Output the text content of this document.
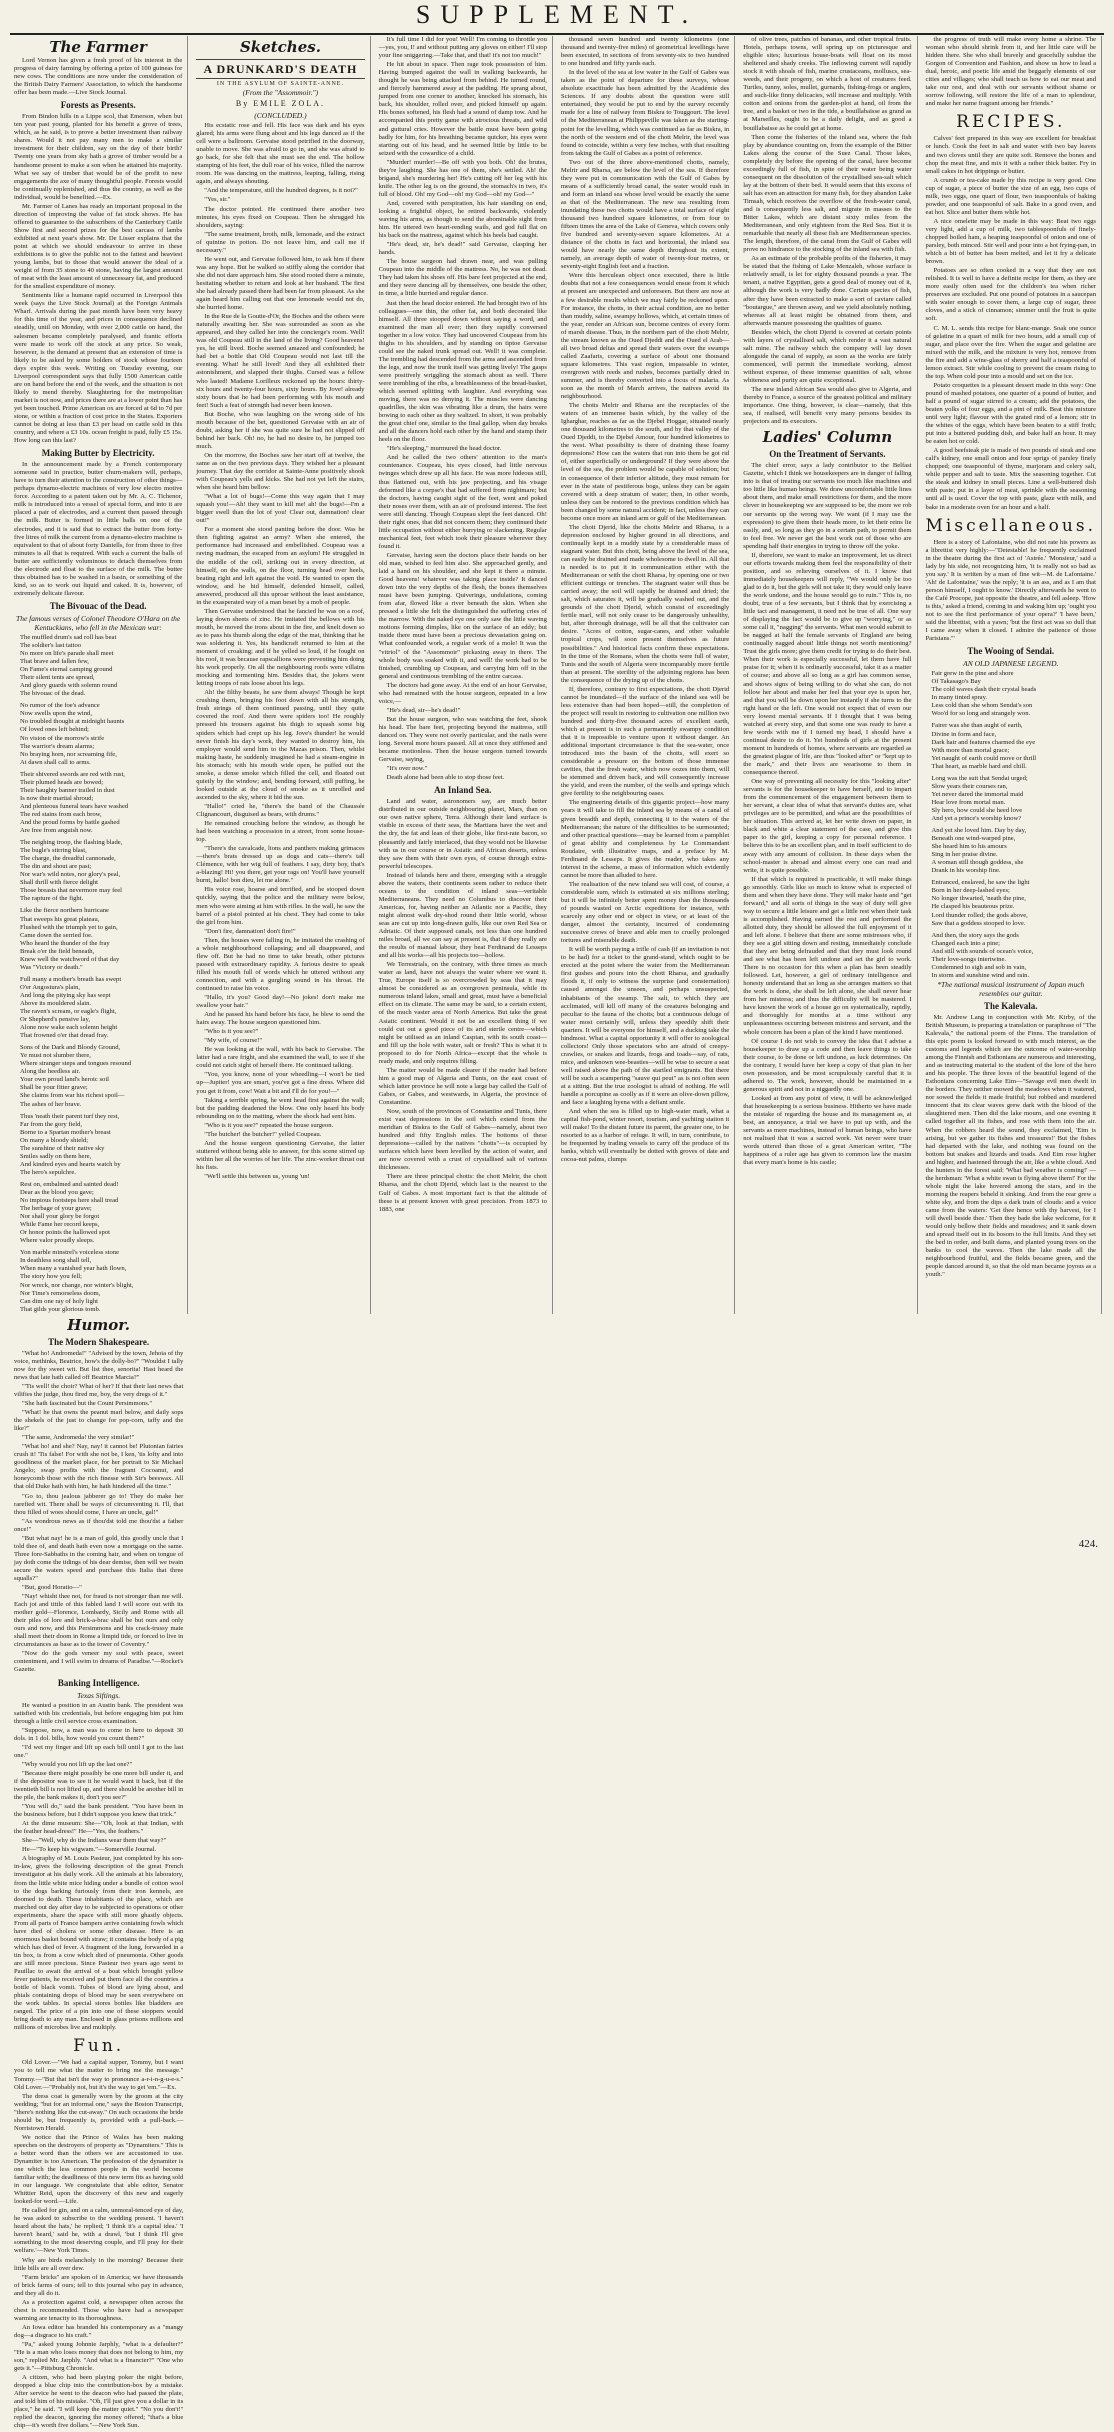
SUPPLEMENT.
The Farmer
Lord Vernon has given a fresh proof of his interest in the progress of dairy farming by offering a prize of 100 guineas for new cows. The conditions are now under the consideration of the British Dairy Farmers' Association, to which the handsome offer has been made.—Live Stock Journal.
Forests as Presents.
From Bindon hills in a Lippe scol, that Emerson, when but ten year past young, planted for his benefit a grove of trees, which, as he said, is to prove a better investment than railway shares. Would it not pay many men to make a similar investment for their children, say on the day of their birth? Twenty one years from sky hath a grove of timber would be a handsome present to make a son when he attained his majority. What we say of timber that would be of the profit to new engagements the axe of many thoughtful people. Forests would be continually replenished, and thus the country, as well as the individual, would be benefited.—Ex.
Mr. Farmer of Lanes has ready an important proposal in the direction of improving the value of fat stock shows. He has offered to guarantee to the subscribers of the Canterbury Cattle Show first and second prizes for the best carcass of lambs exhibited at next year's show. Mr. De Lisser explains that the point at which we should endeavour to arrive in these exhibitions is to give the public not to the fattest and heaviest young lambs, but to those that would answer the ideal of a weight of from 35 stone to 40 stone, having the largest amount of meat with the least amount of unnecessary fat, and produced for the smallest expenditure of money.
Sentiments like a humane rapid occurred in Liverpool this week (says the Live Stock Journal) at the Foreign Animals Wharf. Arrivals during the past month have been very heavy for this time of the year, and prices in consequence declined steadily, until on Monday, with over 2,000 cattle on hand, the salesmen became completely paralysed, and frantic efforts were made to work off the stock at any price. So weak, however, is the demand at present that an extension of time is likely to be asked by some holders of stock whose fourteen days expire this week. Writing on Tuesday evening, our Liverpool correspondent says that fully 1500 American cattle are on hand before the end of the week, and the situation is not likely to mend thereby. Slaughtering for the metropolitan market is not now, and prices there are at a lower point than has yet been touched. Prime American ox are forced at 6d to 7d per stone, or within a fraction of cost price in the States. Exporters cannot be doing at less than £3 per head on cattle sold in this country, and where a £3 10s. ocean freight is paid, fully £5 15s. How long can this last?
Making Butter by Electricity.
In the announcement made by a French contemporary someone said in practice, butter churn-makers will, perhaps, have to turn their attention to the construction of other things—perhaps dynamo-electric machines of very low electro motive force. According to a patent taken out by Mr. A. C. Tichenor, milk is introduced into a vessel of special form, and into it are placed a pair of electrodes, and a current then passed through the milk. Butter is formed in little balls on one of the electrodes, and it is said that to extract the butter from forty-five litres of milk the current from a dynamo-electro machine is equivalent to that of about forty Daniells, for from three to five minutes is all that is required. With such a current the balls of butter are sufficiently voluminous to detach themselves from the electrode and float to the surface of the milk. The butter thus obtained has to be washed in a basin, or something of the kind, so as to work out liquid and caked. It is, however, of extremely delicate flavour.
The Bivouac of the Dead.
The famous verses of Colonel Theodore O'Hara on the Kentuckians, who fell in the Mexican war:
The muffled drum's sad roll has beat
The soldier's last tattoo
No more on life's parade shall meet
That brave and fallen few,
On Fame's eternal camping ground
Their silent tents are spread,
And glory guards with solemn round
The bivouac of the dead.
No rumor of the foe's advance
Now swells upon the wind,
No troubled thought at midnight haunts
Of loved ones left behind;
No vision of the morrow's strife
The warrior's dream alarms;
No braying horn, nor screaming fife,
At dawn shall call to arms.
Their shivered swords are red with rust,
Their plumed heads are bowed;
Their haughty banner trailed in dust
Is now their martial shroud;
And plenteous funeral tears have washed
The red stains from each brow,
And the proud forms by battle gashed
Are free from anguish now.
The neighing troop, the flashing blade,
The bugle's stirring blast,
The charge, the dreadful cannonade,
The din and shout are past;
Nor war's wild notes, nor glory's peal,
Shall thrill with fierce delight
Those breasts that nevermore may feel
The rapture of the fight.
Like the fierce northern hurricane
That sweeps his great plateau,
Flushed with the triumph yet to gain,
Came down the serried foe.
Who heard the thunder of the fray
Break o'er the field beneath,
Knew well the watchword of that day
Was "Victory or death."
Full many a mother's breath has swept
O'er Angostura's plain,
And long the pitying sky has wept
Above its mouldered slain.
The raven's scream, or eagle's flight,
Or Shepherd's pensive lay,
Alone now wake each solemn height
That frowned o'er that dread fray.
Sons of the Dark and Bloody Ground,
Ye must not slumber there,
Where stranger steps and tongues resound
Along the heedless air.
Your own proud land's heroic soil
Shall be your fitter grave;
She claims from war his richest spoil—
The ashes of her brave.
Thus 'neath their parent turf they rest,
Far from the gory field,
Borne to a Spartan mother's breast
On many a bloody shield;
The sunshine of their native sky
Smiles sadly on them here,
And kindred eyes and hearts watch by
The hero's sepulchre.
Rest on, embalmed and sainted dead!
Dear as the blood you gave;
No impious footsteps here shall tread
The herbage of your grave;
Nor shall your glory be forgot
While Fame her record keeps,
Or honor points the hallowed spot
Where valor proudly sleeps.
Yon marble minstrel's voiceless stone
In deathless song shall tell,
When many a vanished year hath flown,
The story how you fell;
Nor wreck, nor change, nor winter's blight,
Nor Time's remorseless doom,
Can dim one ray of holy light
That gilds your glorious tomb.
Sketches.
A DRUNKARD'S DEATH
IN THE ASYLUM OF SAINTE-ANNE.
(From the "Assommoir.")
By EMILE ZOLA.
(CONCLUDED.)
His ecstatic rose and fell. His face was dark and his eyes glared; his arms were flung about and his legs danced as if the cell were a ballroom. Gervaise stood petrified in the doorway, unable to move. She was afraid to go in, and she was afraid to go back, for she felt that she must see the end. The hollow stamping of his feet, the dull roar of his voice, filled the narrow room. He was dancing on the mattress, leaping, falling, rising again, and always shouting.
"And the temperature, still the hundred degrees, is it not?"
"Yes, sir."
The doctor pointed. He continued there another two minutes, his eyes fixed on Coupeau. Then he shrugged his shoulders, saying:
"The same treatment, broth, milk, lemonade, and the extract of quinine in potion. Do not leave him, and call me if necessary."
He went out, and Gervaise followed him, to ask him if there was any hope. But he walked so stiffly along the corridor that she did not dare approach him. She stood rooted there a minute, hesitating whether to return and look at her husband. The first she had already passed there had been far from pleasant. As she again heard him calling out that one lemonade would not do, she hurried home.
In the Rue de la Goutte-d'Or, the Boches and the others were naturally awaiting her. She was surrounded as soon as she appeared, and they called her into the concierge's room. Well! was old Coupeau still in the land of the living? Good heavens! yes, he still lived. Boche seemed amazed and confounded; he had bet a bottle that Old Coupeau would not last till the evening. What! he still lived! And they all exhibited their astonishment, and slapped their thighs. Cursed was a fellow who lasted! Madame Lorilleux reckoned up the hours: thirty-six hours and twenty-four hours, sixty hours. By Jove! already sixty hours that he had been performing with his mouth and feet! Such a feat of strength had never been known.
But Boche, who was laughing on the wrong side of his mouth because of the bet, questioned Gervaise with an air of doubt, asking her if she was quite sure he had not slipped off behind her back. Oh! no, he had no desire to, he jumped too much.
On the morrow, the Boches saw her start off at twelve, the same as on the two previous days. They wished her a pleasant journey. That day the corridor at Sainte-Anne positively shook with Coupeau's yells and kicks. She had not yet left the stairs, when she heard him bellow:
"What a lot of bugs!—Come this way again that I may squash you!—Ah! they want to kill me! ah! the bugs!—I'm a bigger swell than the lot of you! Clear out, damnation! clear out!"
For a moment she stood panting before the door. Was he then fighting against an army? When she entered, the performance had increased and embellished. Coupeau was a raving madman, the escaped from an asylum! He struggled in the middle of the cell, striking out in every direction, at himself, on the walls, on the floor, turning head over heels, beating right and left against the void. He wanted to open the window, and he hid himself, defended himself, called, answered, produced all this uproar without the least assistance, in the exasperated way of a man beset by a mob of people.
Then Gervaise understood that he fancied he was on a roof, laying down sheets of zinc. He imitated the bellows with his mouth, he moved the irons about in the fire, and knelt down so as to pass his thumb along the edge of the mat, thinking that he was soldering it. Yes, his handicraft returned to him at the moment of croaking; and if he yelled so loud, if he fought on his roof, it was because rapscallions were preventing him doing his work properly. On all the neighbouring roofs were villains mocking and tormenting him. Besides that, the jokers were letting troops of rats loose about his legs.
Ah! the filthy beasts, he saw them always! Though he kept crushing them, bringing his foot down with all his strength, fresh strings of them continued passing, until they quite covered the roof. And there were spiders too! He roughly pressed his trousers against his thigh to squash some big spiders which had crept up his leg. Jove's thunder! he would never finish his day's work, they wanted to destroy him, his employer would send him to the Mazas prison. Then, whilst making haste, he suddenly imagined he had a steam-engine in his stomach; with his mouth wide open, he puffed out the smoke, a dense smoke which filled the cell, and floated out quietly by the window; and, bending forward, still puffing, he looked outside at the cloud of smoke as it unrolled and ascended to the sky, where it hid the sun.
"Hallo!" cried he, "there's the band of the Chaussée Clignancourt, disguised as bears, with drums."
He remained crouching before the window, as though he had been watching a procession in a street, from some house-top.
"There's the cavalcade, lions and panthers making grimaces—there's brats dressed up as dogs and cats—there's tall Clémence, with her wig full of feathers. I say, dirty boy, that's a-blazing! Hi! you there, get your rags on! You'll have yourself burnt, hallo! bon dieu, let me alone."
His voice rose, hoarse and terrified, and he stooped down quickly, saying that the police and the military were below, men who were aiming at him with rifles. In the wall, he saw the barrel of a pistol pointed at his chest. They had come to take the girl from him.
"Don't fire, damnation! don't fire!"
Then, the houses were falling in, he imitated the crashing of a whole neighbourhood collapsing; and all disappeared, and flew off. But he had no time to take breath, other pictures passed with extraordinary rapidity. A furious desire to speak filled his mouth full of words which he uttered without any connection, and with a gurgling sound in his throat. He continued to raise his voice.
"Hallo, it's you? Good day!—No jokes! don't make me swallow your hair."
And he passed his hand before his face, he blew to send the hairs away. The house surgeon questioned him.
"Who is it you see?"
"My wife, of course!"
He was looking at the wall, with his back to Gervaise. The latter had a rare fright, and she examined the wall, to see if she could not catch sight of herself there. He continued talking.
"You, you know, none of your wheedling—I won't be tied up—Jupiter! you are smart, you've got a fine dress. Where did you get it from, cow! Wait a bit and I'll do for you!—"
Taking a terrible spring, he went head first against the wall; but the padding deadened the blow. One only heard his body rebounding on to the matting, where the shock had sent him.
"Who is it you see?" repeated the house surgeon.
"The butcher! the butcher!" yelled Coupeau.
And the house surgeon questioning Gervaise, the latter stuttered without being able to answer, for this scene stirred up within her all the worries of her life. The zinc-worker thrust out his fists.
"We'll settle this between us, young 'un!
It's full time I did for you! Well! I'm coming to throttle you—yes, you, I! and without putting any gloves on either! I'll stop your fine sniggering.—Take that, and that! it's not too much!"
He hit about in space. Then rage took possession of him. Having bumped against the wall in walking backwards, he thought he was being attacked from behind. He turned round, and fiercely hammered away at the padding. He sprang about, jumped from one corner to another, knocked his stomach, his back, his shoulder, rolled over, and picked himself up again. His bones softened, his flesh had a sound of damp tow. And he accompanied this pretty game with atrocious threats, and wild and guttural cries. However the battle must have been going badly for him, for his breathing became quicker, his eyes were starting out of his head, and he seemed little by little to be seized with the cowardice of a child.
"Murder! murder!—Be off with you both. Oh! the brutes, they're laughing. She has one of them, she's settled. Ah! the brigand, she's murdering her! He's cutting off her leg with his knife. The other leg is on the ground, the stomach's in two, it's full of blood. Oh! my God—oh! my God—oh! my God—"
And, covered with perspiration, his hair standing on end, looking a frightful object, he retired backwards, violently waving his arms, as though to send the abominable sight from him. He uttered two heart-rending wails, and god full flat on his back on the mattress, against which his heels had caught.
"He's dead, sir, he's dead!" said Gervaise, clasping her hands.
The house surgeon had drawn near, and was pulling Coupeau into the middle of the mattress. No, he was not dead. They had taken his shoes off. His bare feet projected at the end, and they were dancing all by themselves, one beside the other, in time, a little hurried and regular dance.
Just then the head doctor entered. He had brought two of his colleagues—one thin, the other fat, and both decorated like himself. All three stooped down without saying a word, and examined the man all over; then they rapidly conversed together in a low voice. They had uncovered Coupeau from his thighs to his shoulders, and by standing on tiptoe Gervaise could see the naked trunk spread out. Well! it was complete. The trembling had descended from the arms and ascended from the legs, and now the trunk itself was getting lively! The gasps were positively wriggling the stomach about as well. There were trembling of the ribs, a breathlessness of the bread-basket, which seemed splitting with laughter. And everything was moving, there was no denying it. The muscles were dancing quadrilles, the skin was vibrating like a drum, the hairs were bowing to each other as they waltzed. In short, it was probably the great chief one, similar to the final gallop, when day breaks and all the dancers hold each other by the hand and stamp their heels on the floor.
"He's sleeping," murmured the head doctor.
And he called the two others' attention to the man's countenance. Coupeau, his eyes closed, had little nervous twinges which drew up all his face. He was more hideous still, thus flattened out, with his jaw projecting, and his visage deformed like a corpse's that had suffered from nightmare; but the doctors, having caught sight of the feet, went and poked their noses over them, with an air of profound interest. The feet were still dancing. Though Coupeau slept the feet danced. Oh! their right ones, that did not concern them; they continued their little occupation without either hurrying or slackening. Regular mechanical feet, feet which took their pleasure wherever they found it.
Gervaise, having seen the doctors place their hands on her old man, wished to feel him also. She approached gently, and laid a hand on his shoulder, and she kept it there a minute. Good heavens! whatever was taking place inside? It danced down into the very depths of the flesh, the bones themselves must have been jumping. Quiverings, undulations, coming from afar, flowed like a river beneath the skin. When she pressed a little she felt the distinguished the suffering cries of the marrow. With the naked eye one only saw the little waving motions forming dimples, like on the surface of an eddy; but inside there must have been a precious devastation going on. What confounded work, a regular work of a mole! It was the "vitriol" of the "Assommoir" pickaxing away in there. The whole body was soaked with it, and well! the work had to be finished, crumbling up Coupeau, and carrying him off in the general and continuous trembling of the entire carcass.
The doctors had gone away. At the end of an hour Gervaise, who had remained with the house surgeon, repeated in a low voice,—
"He's dead, sir—he's dead!"
But the house surgeon, who was watching the feet, shook his head. The bare feet, projecting beyond the mattress, still danced on. They were not overly particular, and the nails were long. Several more hours passed. All at once they stiffened and became motionless. Then the house surgeon turned towards Gervaise, saying,
"It's over now."
Death alone had been able to stop those feet.
An Inland Sea.
Land and water, astronomers say, are much better distributed in our outside neighbouring planet, Mars, than on our own native sphere, Terra. Although their land surface is visible in excess of their seas, the Martians have the wet and the dry, the fat and lean of their globe, like first-rate bacon, so pleasantly and fairly interlaced, that they would not be likewise with us in our course or in Asiatic and African deserts, unless they saw them with their own eyes, of course through extra-powerful telescopes.
Instead of islands here and there, emerging with a struggle above the waters, their continents seem rather to reduce their oceans to the condition of inland seas—veritable Mediterraneans. They need no Columbus to discover their Americas, for, having neither an Atlantic nor a Pacific, they might almost walk dry-shod round their little world, whose seas are cut up into long-drawn gulfs, like our own Red Sea or Adriatic. Of their supposed canals, not less than one hundred miles broad, all we can say at present is, that if they really are the results of manual labour, they beat Ferdinand de Lesseps and all his works—all his projects too—hollow.
We Terrestrials, on the contrary, with three times as much water as land, have not always the water where we want it. True, Europe itself is so overcrowded by seas that it may almost be considered as an overgrown peninsula, while its numerous inland lakes, small and great, must have a beneficial effect on its climate. The same may be said, to a certain extent, of the much vaster area of North America. But take the great Asiatic continent. Would it not be an excellent thing if we could cut out a good piece of its arid sterile centre—which might be utilised as an inland Caspian, with its south coast—and fill up the hole with water, salt or fresh? This is what it is proposed to do for North Africa—except that the whole is ready made, and only requires filling.
The matter would be made clearer if the reader had before him a good map of Algeria and Tunis, on the east coast of which latter province he will note a large bay called the Gulf of Gabes, or Gabes, and westwards, in Algeria, the province of Constantine.
Now, south of the provinces of Constantine and Tunis, there exist vast depressions in the soil which extend from the meridian of Biskra to the Gulf of Gabes—namely, about two hundred and fifty English miles. The bottoms of these depressions—called by the natives "chotts"—is occupied by surfaces which have been levelled by the action of water, and are now covered with a crust of crystallised salt of various thicknesses.
There are three principal chotts: the chott Melrir, the chott Rharsa, and the chott Djerid, which last is the nearest to the Gulf of Gabes. A most important fact is that the altitude of these is at present known with great precision. From 1873 to 1883, one
thousand seven hundred and twenty kilometres (one thousand and twenty-five miles) of geometrical levellings have been executed, in sections of from seventy-six to two hundred to one hundred and fifty yards each.
In the level of the sea at low water in the Gulf of Gabes was taken as the point of departure for these surveys, whose absolute exactitude has been admitted by the Académie des Sciences. If any doubts about the question were still entertained, they would be put to end by the survey recently made for a line of railway from Biskra to Touggourt. The level of the Mediterranean at Philippeville was taken as the starting-point for the levelling, which was continued as far as Biskra, in the north of the western end of the chott Melrir, the level was found to coincide, within a very few inches, with that resulting from taking the Gulf of Gabes as a point of reference.
Two out of the three above-mentioned chotts, namely, Melrir and Rharsa, are below the level of the sea. If therefore they were put in communication with the Gulf of Gabes by means of a sufficiently broad canal, the water would rush in and form an inland sea whose level would be exactly the same as that of the Mediterranean. The new sea resulting from inundating these two chotts would have a total surface of eight thousand two hundred square kilometres, or from four to fifteen times the area of the Lake of Geneva, which covers only five hundred and seventy-seven square kilometres. At a distance of the chotts in fact and horizontal, the inland sea would have nearly the same depth throughout its extent, namely, an average depth of water of twenty-four metres, or seventy-eight English feet and a fraction.
Were this herculean object once executed, there is little doubts that not a few consequences would ensue from it which at present are unexpected and unforeseen. But there are now at a few desirable results which we may fairly be reckoned upon. For instance, the chotts, in their actual condition, are no better than muddy, saline, swampy hollows, which, at certain times of the year, render an African sun, become centres of every form of marsh disease. Thus, in the northern part of the chott Melrir, the stream known as the Oued Djeddi and the Oued el Arab—all two broad deltas and spread their waters over the swamps called Zaafaris, covering a surface of about one thousand square kilometres. This vast region, impassable in winter, overgrown with reeds and rushes, becomes partially dried in summer, and is thereby converted into a focus of malaria. As soon as the month of March arrives, the natives avoid its neighbourhood.
The chotts Melrir and Rharsa are the receptacles of the waters of an immense basin which, by the valley of the Igharghar, reaches as far as the Djebel Hoggar, situated nearly one thousand kilometres to the south, and by that valley of the Oued Djeddi, to the Djebel Amour, four hundred kilometres to the west. What possibility is there of draining these foamy depressions? How can the waters that run into them be got rid of, either superficially or underground? If they were above the level of the sea, the problem would be capable of solution; but in consequence of their inferior altitude, they must remain for ever in the state of pestiferous bogs, unless they can be again covered with a deep stratum of water; then, in other words, unless they can be restored to the previous condition which has been changed by some natural accident; in fact, unless they can become once more an inland arm or gulf of the Mediterranean.
The chott Djerid, like the chotts Melrir and Rharsa, is a depression enclosed by higher ground in all directions, and continually kept in a muddy state by a considerable mass of stagnant water. But this chott, being above the level of the sea, can easily be drained and made wholesome to dwell in. All that is needed is to put it in communication either with the Mediterranean or with the chott Rharsa, by opening one or two efficient cuttings or trenches. The stagnant water will thus be carried away; the soil will rapidly be drained and dried; the salt, which saturates it, will be gradually washed out, and the grounds of the chott Djerid, which consist of exceedingly fertile marl, will not only cease to be dangerously unhealthy, but, after thorough drainage, will be all that the cultivator can desire. "Acres of cotton, sugar-canes, and other valuable tropical crops, will soon present themselves as future possibilities." And historical facts confirm these expectations. In the time of the Romans, when the chotts were full of water, Tunis and the south of Algeria were incomparably more fertile than at present. The sterility of the adjoining regions has been the consequence of the drying up of the chotts.
If, therefore, contrary to first expectations, the chott Djerid cannot be inundated—if the surface of the inland sea will be less extensive than had been hoped—still, the completion of the project will result in restoring to cultivation one million two hundred and thirty-five thousand acres of excellent earth, which at present is in such a permanently swampy condition that it is impossible to venture upon it without danger. An additional important circumstance is that the sea-water, once introduced into the basin of the chotts, will exert so considerable a pressure on the bottom of those immense cavities, that the fresh water, which now oozes into them, will be stemmed and driven back, and will consequently increase the yield, and even the number, of the wells and springs which give fertility to the neighbouring oases.
The engineering details of this gigantic project—how many years it will take to fill the inland sea by means of a canal of given breadth and depth, connecting it to the waters of the Mediterranean; the nature of the difficulties to be surmounted; and other practical questions—may be learned from a pamphlet of great ability and completeness by Le Commandant Roudaire, with illustrative maps, and a preface by M. Ferdinand de Lesseps. It gives the reader, who takes any interest in the scheme, a mass of information which evidently cannot be more than alluded to here.
The realisation of the new inland sea will cost, of course, a considerable sum, which is estimated at six millions sterling; but it will be infinitely better spent money than the thousands of pounds wasted on Arctic expeditions for instance, with scarcely any other end or object in view, or at least of the danger, almost the certainty, incurred of condemning successive crews of brave and able men to cruelly prolonged tortures and miserable death.
It will be worth paying a trifle of cash (if an invitation is not to be had) for a ticket to the grand-stand, which ought to be erected at the point where the water from the Mediterranean first gushes and pours into the chott Rharsa, and gradually floods it, if only to witness the surprise (and consternation) caused amongst the unseen, and perhaps unsuspected, inhabitants of the swamp. The salt, to which they are acclimated, will kill off many of the creatures belonging and peculiar to the fauna of the chotts; but a continuous deluge of water most certainly will, unless they speedily shift their quarters. It will be everyone for himself, and a ducking take the hindmost. What a capital opportunity it will offer to zoological collectors! Only those spectators who are afraid of creepy-crawlies, or snakes and lizards, frogs and toads—say, of rats, mice, and unknown wee-beasties—will be wise to secure a seat well raised above the path of the startled emigrants. But there will be such a scampering "sauve qui peut" as is not often seen at a sitting. But the true zoologist is afraid of nothing. He will handle a porcupine as coolly as if it were an olive-down pillow, and face a laughing hyena with a defiant smile.
And when the sea is filled up to high-water mark, what a capital fish-pond, winter resort, tourism, and yachting station it will make! To the distant future its parent, the greater one, to be resorted to as a harbor of refuge. It will, in turn, contribute, to be frequented by trading vessels to carry off the produce of its banks, which will eventually be dotted with groves of date and cocoa-nut palms, clumps
of olive trees, patches of bananas, and other tropical fruits. Hotels, perhaps towns, will spring up on picturesque and eligible sites; luxurious house-boats will float on its most sheltered and shady creeks. The inflowing current will rapidly stock it with shoals of fish, marine crustaceans, molluscs, sea-weeds, and their progeny, on which a host of creatures feed. Turtles, tunny, soles, mullet, gurnards, fishing-frogs or anglers, and such-like finny delicacies, will increase and multiply. With cotton and onions from the garden-plot at hand, oil from the tree, and a basket or two in the tide, a bouillabaisse as grand as at Marseilles, ought to be a daily delight, and as good a bouillabaisse as he could get at home.
Then come the fisheries of the inland sea, where the fish play by abundance counting on, from the example of the Bitter Lakes along the course of the Suez Canal. Those lakes, completely dry before the opening of the canal, have become exceedingly full of fish, in spite of their water being water consequent on the dissolution of the crystallised sea-salt which lay at the bottom of their bed. It would seem that this excess of salt has even an attraction for many fish, for they abandon Lake Timsah, which receives the overflow of the fresh-water canal, and is consequently less salt, and migrate in masses to the Bitter Lakes, which are distant sixty miles from the Mediterranean, and only eighteen from the Red Sea. But it is remarkable that nearly all these fish are Mediterranean species. The length, therefore, of the canal from the Gulf of Gabes will prove no hindrance to the stocking of the inland sea with fish.
As an estimate of the probable profits of the fisheries, it may be stated that the fishing of Lake Menzaleh, whose surface is relatively small, is let for eighty thousand pounds a year. The tenant, a native Egyptian, gets a good deal of money out of it, although the work is very badly done. Certain species of fish, after they have been extracted to make a sort of caviare called "boutargue," are thrown away, and we yield absolutely nothing, whereas all at least might be obtained from them, and afterwards manure possessing the qualities of guano.
Besides which, the chott Djerid is covered at certain points with layers of crystallised salt, which render it a vast natural salt mine. The railway which the company will lay down alongside the canal of supply, as soon as the works are fairly commenced, will permit the immediate working, almost without expense, of these immense quantities of salt, whose whiteness and purity are quite exceptional.
The new inland African Sea would also give to Algeria, and thereby to France, a source of the greatest political and military importance. One thing, however, is clear—namely, that this sea, if realised, will benefit very many persons besides its projectors and its executors.
Ladies' Column
On the Treatment of Servants.
The chief error, says a lady contributor to the Belfast Gazette, which I think we housekeepers are in danger of falling into is that of treating our servants too much like machines and too little like human beings. We draw uncomfortable little lines about them, and make small restrictions for them, and the more clever in housekeeping we are supposed to be, the more we rob our servants up the wrong way. We want (if I may use the expression) to give them their heads more, to let their reins lie easily, and, so long as they go in a certain path, to permit them to feel free. We never get the best work out of those who are spending half their energies in trying to throw off the yoke.
If, therefore, we want to make an improvement, let us direct our efforts towards making them feel the responsibility of their position, and so relieving ourselves of it. I know that immediately housekeepers will reply, "We would only be too glad to do it, but the girls will not take it; they would only leave the work undone, and the house would go to ruin." This is, no doubt, true of a few servants, but I think that by exercising a little tact and management, it need not be true of all. One way of displaying the fact would be to give up "worrying," or as some call it, "nagging" the servants. What men would submit to be nagged at half the female servants of England are being continually nagged about! little things not worth mentioning? Trust the girls more; give them credit for trying to do their best. When their work is especially successful, let them have full praise for it; when it is ordinarily successful, take it as a matter of course; and above all so long as a girl has common sense, and shows signs of being willing to do what she can, do not follow her about and make her feel that your eye is upon her, and that you will be down upon her instantly if she turns to the right hand or the left. One would not expect that of even our very lowest menial servants. If I thought that I was being watched at every step, and that some one was ready to have a few words with me if I turned my head, I should have a continual desire to do it. Yet hundreds of girls at the present moment in hundreds of homes, where servants are regarded as the greatest plague of life, are thus "looked after" or "kept up to the mark," and their lives are wearisome to them in consequence thereof.
One way of preventing all necessity for this "looking after" servants is for the housekeeper to have herself, and to impart from the commencement of the engagement between them to her servant, a clear idea of what that servant's duties are, what privileges are to be permitted, and what are the possibilities of her situation. This arrived at, let her write down on paper, in black and white a clear statement of the case, and give this paper to the girl, keeping a copy for personal reference. I believe this to be an excellent plan, and in itself sufficient to do away with any amount of collision. In these days when the school-master is abroad and almost every one can read and write, it is quite possible.
If that which is required is practicable, it will make things go smoothly. Girls like so much to know what is expected of them and when they have done. They will make haste and "get forward," and all sorts of things in the way of duty will give way to secure a little leisure and get a little rest when their task is accomplished. Having earned the rest and performed the allotted duty, they should be allowed the full enjoyment of it and left alone. I believe that there are some mistresses who, if they see a girl sitting down and resting, immediately conclude that they are being defrauded and that they must look round and see what has been left undone and set the girl to work. There is no occasion for this when a plan has been steadily followed. Let, however, a girl of ordinary intelligence and honesty understand that so long as she arranges matters so that the work is done, she shall be left alone, she shall never hear from her mistress; and thus the difficulty will be mastered. I have known the work of a house go on systematically, rapidly, and thoroughly for months at a time without any unpleasantness occurring between mistress and servant, and the whole concern has been a plan of the kind I have mentioned.
Of course I do not wish to convey the idea that I advise a housekeeper to draw up a code and then leave things to take their course, to be done or left undone, as luck determines. On the contrary, I would have her keep a copy of that plan in her own possession, and be most scrupulously careful that it is adhered to. The work, however, should be maintained in a generous spirit and not in a niggardly one.
Looked at from any point of view, it will be acknowledged that housekeeping is a serious business. Hitherto we have made the mistake of regarding the house and its management as, at best, an annoyance, a trial we have to put up with, and the servants as mere machines, instead of human beings, who have not realised that it was a sacred work. Yet never were truer words uttered than those of a great American writer, "The happiness of a ruler age has given to common law the maxim that every man's home is his castle;
the progress of truth will make every home a shrine. The woman who should shrink from it, and her little care will be hidden there. She who shall bravely and gracefully subdue the Gorgon of Convention and Fashion, and show us how to lead a dual, heroic, and poetic life amid the beggarly elements of our cities and villages; who shall teach us how to eat our meat and take our rest, and deal with our servants without shame or sorrow following, will restore the life of a man to splendour, and make her name fragrant among her friends."
RECIPES.
Calves' feet prepared in this way are excellent for breakfast or lunch. Cook the feet in salt and water with two bay leaves and two cloves until they are quite soft. Remove the bones and chop the meat fine, and mix it with a rather thick batter. Fry in small cakes in hot drippings or butter.
A crumb or tea-cake made by this recipe is very good. One cup of sugar, a piece of butter the size of an egg, two cups of milk, two eggs, one quart of flour, two teaspoonfuls of baking powder, and one teaspoonful of salt. Bake in a good oven, and eat hot. Slice and butter them while hot.
A nice omelette may be made in this way: Beat two eggs very light, add a cup of milk, two tablespoonfuls of finely-chopped boiled ham, a heaping teaspoonful of onion and one of parsley, both minced. Stir well and pour into a hot frying-pan, in which a bit of butter has been melted, and let it fry a delicate brown.
Potatoes are so often cooked in a way that they are not relished. It is well to have a definite recipe for them, as they are more easily often used for the children's tea when richer preserves are excluded. Put one pound of potatoes in a saucepan with water enough to cover them, a large cup of sugar, three cloves, and a stick of cinnamon; simmer until the fruit is quite soft.
C. M. L. sends this recipe for blanc-mange. Soak one ounce of gelatine in a quart of milk for two hours, add a small cup of sugar, and place over the fire. When the sugar and gelatine are mixed with the milk, and the mixture is very hot, remove from the fire and add a wine-glass of sherry and half a teaspoonful of lemon extract. Stir while cooling to prevent the cream rising to the top. When cold pour into a mould and set on the ice.
Potato croquettes is a pleasant dessert made in this way: One pound of mashed potatoes, one quarter of a pound of butter, and half a pound of sugar stirred to a cream; add the potatoes, the beaten yolks of four eggs, and a pint of milk. Beat this mixture until very light; flavour with the grated rind of a lemon; stir in the whites of the eggs, which have been beaten to a stiff froth; put into a buttered pudding dish, and bake half an hour. It may be eaten hot or cold.
A good beefsteak pie is made of two pounds of steak and one calf's kidney, one small onion and four sprigs of parsley finely chopped; one teaspoonful of thyme, marjoram and celery salt, while pepper and salt to taste. Mix the seasoning together. Cut the steak and kidney in small pieces. Line a well-buttered dish with paste; put in a layer of meat, sprinkle with the seasoning until all is used. Cover the top with paste, glaze with milk, and bake in a moderate oven for an hour and a half.
Miscellaneous.
Here is a story of Lafontaine, who did not rate his powers as a librettist very highly:—"Detestable! he frequently exclaimed in the theatre during the first act of 'Astrée.' 'Monsieur,' said a lady by his side, not recognizing him, 'it is really not so bad as you say.' It is written by a man of fine wit—M. de Lafontaine.' 'Ah! de Lafontaine,' was the reply; 'it is an ass, and as I am that person himself, I ought to know.' Directly afterwards he went to the Café Procope, just opposite the theatre, and fell asleep. 'How is this,' asked a friend, coming in and waking him up; 'ought you not to see the first performance of your opera?' 'I have been,' said the librettist, with a yawn; 'but the first act was so dull that I came away when it closed. I admire the patience of those Parisians.'"
The Wooing of Sendai.
AN OLD JAPANESE LEGEND.
Fair grew in the pine and shore
Of Takasago's Bay
The cold waves dash their crystal heads
In many tinted spray.
Less cold than she whom Sendai's son
Woo'd for so long and strangely won.
Fairer was she than aught of earth,
Divine in form and face,
Dark hair and features charmed the eye
With more than mortal grace;
Yet naught of earth could move or thrill
That heart, as marble hard and chill.
Long was the suit that Sendai urged;
Slow years their courses ran,
Yet never dared the immortal maid
Hear love from mortal man.
Sly hero, how could she heed love
And yet a prince's worship know?
And yet she loved him. Day by day,
Beneath one wind-warped pine,
She heard him to his amours
Sing in her praise divine.
A woman still though goddess, she
Drank in his worship fine.
Entranced, enslaved, he saw the light
Born in her deep-lashed eyes;
No longer thwarted, 'neath the pine,
He clasped his beauteous prize.
Lord thunder rolled; the gods above,
Saw that a goddess stooped to love.
And then, the story says the gods
Changed each into a pine;
And still with sounds of ocean's voice,
Their love-songs intertwine.
Condemned to sigh and sob in vain,
In storm and sunshine wind and rain.
*The national musical instrument of Japan much resembles our guitar.
The Kalevala.
Mr. Andrew Lang in conjunction with Mr. Kirby, of the British Museum, is preparing a translation or paraphrase of "The Kalevala," the national poem of the Finns. The translation of this epic poem is looked forward to with much interest, as the customs and legends which are the outcome of water-worship among the Finnish and Esthonians are numerous and interesting, and as instructing material to the student of the lore of the hero and his people. The three loves of the beautiful legend of the Esthonians concerning Lake Eim—"Savage evil men dwelt in the borders. They neither mowed the meadows when it watered, nor sowed the fields it made fruitful; but robbed and murdered innocent that its clear waves grew dark with the blood of the slaughtered men. Then did the lake mourn, and one evening it called together all its fishes, and rose with them into the air. When the robbers heard the sound, they exclaimed, 'Eim is arising, but we gather its fishes and treasures!' But the fishes had departed with the lake, and nothing was found on the bottom but snakes and lizards and toads. And Eim rose higher and higher, and hastened through the air, like a white cloud. And the hunters in the forest said: 'What bad weather is coming!' —the herdsman: 'What a white swan is flying above them!' For the whole night the lake hovered among the stars, and in the morning the reapers beheld it sinking. And from the rear grew a white sky, and from the dips a dark train of clouds: and a voice came from the waters: 'Get thee hence with thy harvest, for I will dwell beside thee.' Then they bade the lake welcome, for it would only bellow their fields and meadows; and it sank down and spread itself out in its bosom to the full limits. And they set the bed in order, and built dams, and planted young trees on the banks to cool the waves. Then the lake made all the neighbourhood fruitful, and the fields became green, and the people danced around it, so that the old man became joyous as a youth."
Humor.
The Modern Shakespeare.
"What ho! Andromeda!" "Advised by the town, Jehoia of thy voice, methinks, Beatrice, how's the dolly-bo?" "Wouldst I tally now for thy sweet wit. But list thee, senorita! Hast heard the news that late hath called off Beatrice Marcia?"
"'Tis well! the choir? What of her? If that their last news that vilifies the judge, thou fired me, boy, the very dregs of it."
"She hath fascinated but the Count Persimmons."
"What! he that owns the peanut marl below, and daily sops the shekels of the just to change for pop-corn, taffy and the like?"
"The same, Andromeda! the very similar!"
"What ho! and she? Nay, nay! it cannot be! Plutonian fairies crush it! 'Tis false! For with she not be, I ken, 'tis lofty and into goodliness of the market place, for her portrait to Sir Michael Angelo; swap profits with the fragrant Cocoanut, and honeycomb those with the rich finesse with Sir's beeswax. All that old Duke hath with him, he hath hindered all the time."
"Go to, thou jealous jabberer go to! They do make her rarefied wit. There shall be ways of circumventing it. I'll, that thou filled of woes should come, I have an uncle, gal!"
"As wondrous news as if thou'dst told me thou'dst a father once!"
"But what nay! he is a man of gold, this goodly uncle that I told thee of, and death hath even now a mortgage on the same. Three fore-Sabbaths in the coming hair, and when on tongue of jay doth come the tidings of his dear demise, then will we twain secure the waters speed and purchase this Italia that three squalls?"
"But, good Horatio—"
"Nay! whisht thee not, for fraud is not stronger than me will. Each jot and tittle of this fabled land I will score out with its mother gold—Florence, Lombardy, Sicily and Rome with all their piles of lore and brick-a-brac shall be but ours and only ours and now, and this Persimmons and his crack-trussy mate shall meet their doom in Rome a limpid tide, or forced to live in circumstances as base as to the tower of Coventry."
"Now do the gods veneer my soul with peace, sweet contentment, and I will swim to dreams of Paradise."—Rocket's Gazette.
Banking Intelligence.
Texas Siftings.
He wanted a position in an Austin bank. The president was satisfied with his credentials, but before engaging him put him through a little civil service cross examination.
"Suppose, now, a man was to come in here to deposit 30 dols. in 1 dol. bills, how would you count them?"
"I'd wet my finger and lift up each bill until I got to the last one."
"Why would you not lift up the last one?"
"Because there might possibly be one more bill under it, and if the depositor was to see it he would want it back, but if the twentieth bill is not lifted up, and there should be another bill in the pile, the bank makes it, don't you see?"
"You will do," said the bank president. "You have been in the business before, but I didn't suppose you knew that trick."
At the dime museum: She—"Oh, look at that Indian, with the feather head-dress!" He—"Yes, the feathers."
She—"Well, why do the Indians wear them that way?"
He—"To keep his wigwam."—Somerville Journal.
A biography of M. Louis Pasteur, just completed by his son-in-law, gives the following description of the great French investigator at his daily work. All the animals at his laboratory, from the little white mice hiding under a bundle of cotton wool to the dogs barking furiously from their iron kennels, are doomed to death. These inhabitants of the place, which are marched out day after day to be subjected to operations or other experiments, share the space with still more ghastly objects. From all parts of France hampers arrive containing fowls which have died of cholera or some other disease. Here is an enormous basket bound with straw; it contains the body of a pig which has died of fever. A fragment of the lung, forwarded in a tin box, is from a cow which died of pneumonia. Other goods are still more precious. Since Pasteur two years ago went to Pauillac to await the arrival of a boat which brought yellow fever patients, he received and put them face all the countries a bottle of black vomit. Tubes of blood are lying about, and phials containing drops of blood may be seen everywhere on the work tables. In special stores bottles like bladders are ranged. The price of a pin into one of these stoppers would bring death to any man. Enclosed in glass prisons millions and millions of microbes live and multiply.
Fun.
Old Lover.—"We had a capital supper, Tommy, but I want you to tell me what the matter to bring me the message." Tommy.—"But that isn't the way to pronounce a-r-i-n-g-u-e-s." Old Lover.—"Probably not, but it's the way to get 'em."—Ex.
The dress coat is generally worn by the groom at the city wedding; "but for an informal one," says the Boston Transcript, "there's nothing like the cut-away." On such occasions the bride should be, but frequently is, provided with a pull-back.—Norristown Herald.
We notice that the Prince of Wales has been making speeches on the destroyers of property as "Dynamiters." This is a better word than the others we are accustomed to use. Dynamiter is too American. The profession of the dynamiter is one which the less common people in the world become familiar with; the deadliness of this new term fits as having sold in our language. We congratulate that able editor, Senator Whittier Reid, upon the discovery of this new and eagerly looked-for word.—Life.
He called for gin, and on a calm, unmoral-tenced eye of day, he was asked to subscribe to the wedding present. 'I haven't heard about the hats,' he replied; 'I think it's a capital idea.' 'I haven't heard,' said he, with a drawl, 'but I think I'll give something to the most deserving couple, and I'll pray for their welfare.'—New York Times.
Why are birds melancholy in the morning? Because their little bills are all over dew.
"Farm bricks" are spoken of in America; we have thousands of brick farms of ours; tell to this journal who pay in advance, and they all do it.
As a protection against cold, a newspaper often across the chest is recommended. Those who have had a newspaper warming are tenacity to its thoroughness.
An Iowa editor has branded his contemporary as a "mangy dog—a disgrace to his craft."
"Pa," asked young Johnnie Jarphly, "what is a defaulter?" "He is a man who loses money that does not belong to him, my son," replied Mr. Jarphly. "And what is a financier?" "One who gets it."—Pittsburg Chronicle.
A citizen, who had been playing poker the night before, dropped a blue chip into the contribution-box by a mistake. After service he went to the deacon who had passed the plate, and told him of his mistake. "Oh, I'll just give you a dollar in its place," he said. "I will keep the matter quiet." "No you don't!" replied the deacon, ignoring the money offered; "that's a blue chip—it's worth five dollars."—New York Sun.
424.
